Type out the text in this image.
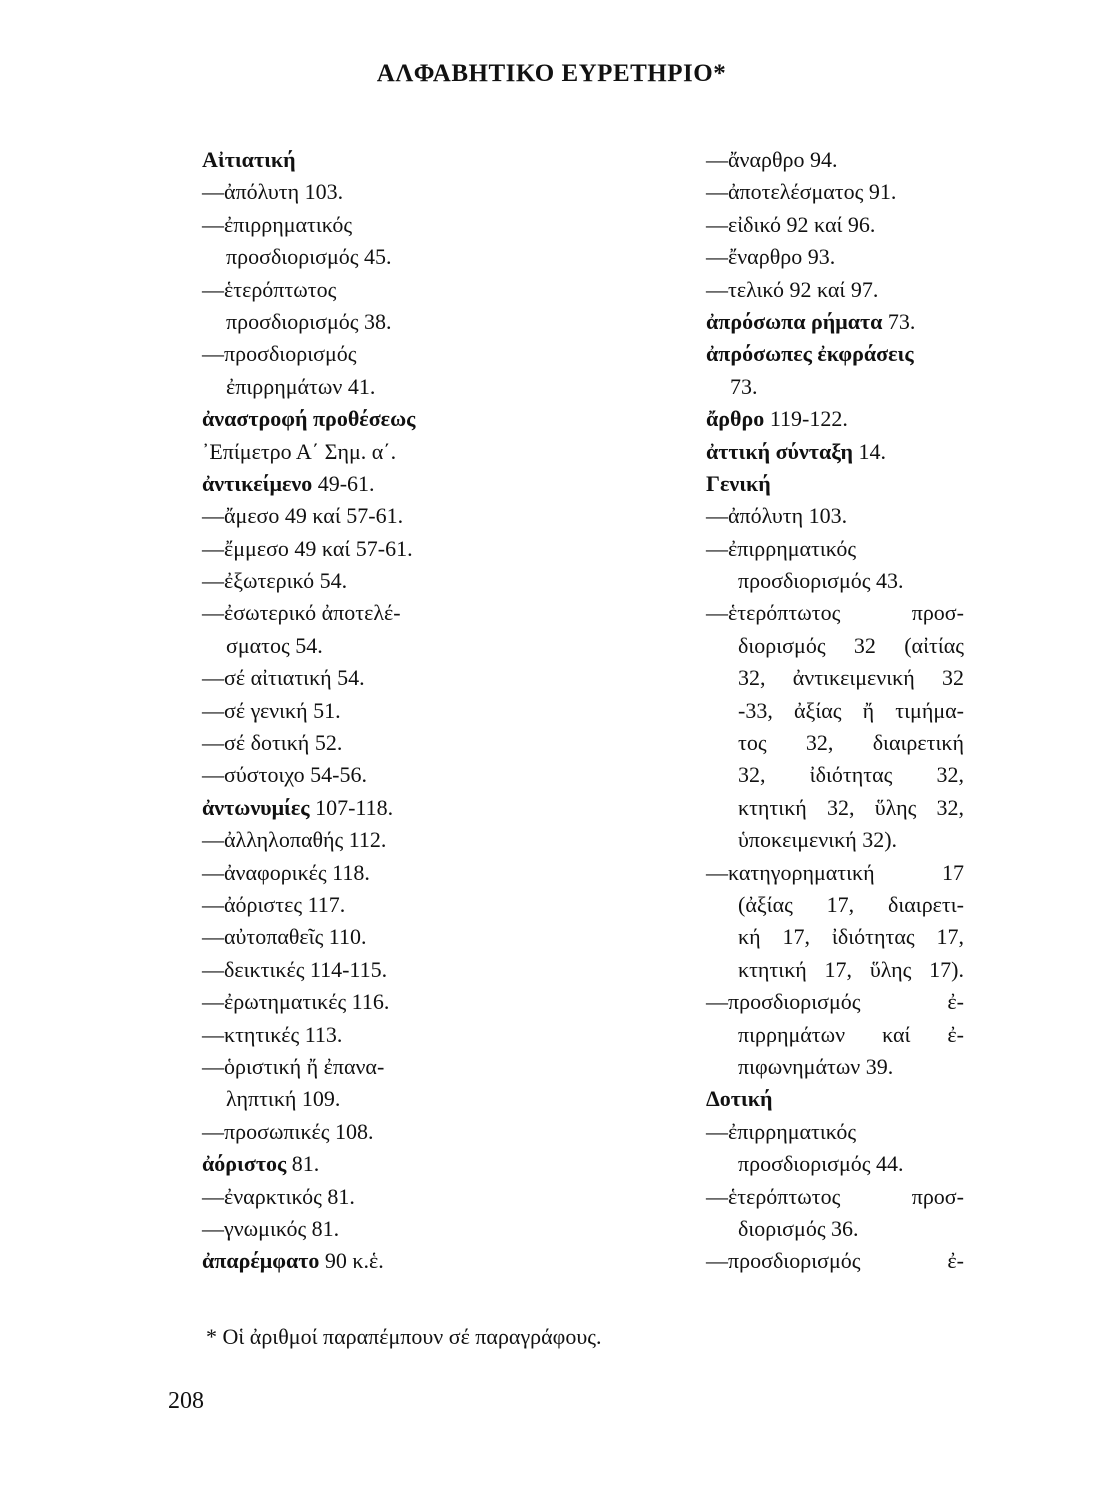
ΑΛΦΑΒΗΤΙΚΟ ΕΥΡΕΤΗΡΙΟ*
Αἰτιατική
—ἀπόλυτη 103.
—ἐπιρρηματικός
προσδιορισμός 45.
—ἑτερόπτωτος
προσδιορισμός 38.
—προσδιορισμός
ἐπιρρημάτων 41.
ἀναστροφή προθέσεως
᾿Επίμετρο Α΄ Σημ. α΄.
ἀντικείμενο 49-61.
—ἄμεσο 49 καί 57-61.
—ἔμμεσο 49 καί 57-61.
—ἐξωτερικό 54.
—ἐσωτερικό ἀποτελέ-
σματος 54.
—σέ αἰτιατική 54.
—σέ γενική 51.
—σέ δοτική 52.
—σύστοιχο 54-56.
ἀντωνυμίες 107-118.
—ἀλληλοπαθής 112.
—ἀναφορικές 118.
—ἀόριστες 117.
—αὐτοπαθεῖς 110.
—δεικτικές 114-115.
—ἐρωτηματικές 116.
—κτητικές 113.
—ὁριστική ἤ ἐπανα-
ληπτική 109.
—προσωπικές 108.
ἀόριστος 81.
—ἐναρκτικός 81.
—γνωμικός 81.
ἀπαρέμφατο 90 κ.ἑ.
—ἄναρθρο 94.
—ἀποτελέσματος 91.
—εἰδικό 92 καί 96.
—ἔναρθρο 93.
—τελικό 92 καί 97.
ἀπρόσωπα ρήματα 73.
ἀπρόσωπες ἐκφράσεις
73.
ἄρθρο 119-122.
ἀττική σύνταξη 14.
Γενική
—ἀπόλυτη 103.
—ἐπιρρηματικός
προσδιορισμός 43.
—ἑτερόπτωτος προσ-
διορισμός 32 (αἰτίας
32, ἀντικειμενική 32
-33, ἀξίας ἤ τιμήμα-
τος 32, διαιρετική
32, ἰδιότητας 32,
κτητική 32, ὕλης 32,
ὑποκειμενική 32).
—κατηγορηματική 17
(ἀξίας 17, διαιρετι-
κή 17, ἰδιότητας 17,
κτητική 17, ὕλης 17).
—προσδιορισμός ἐ-
πιρρημάτων καί ἐ-
πιφωνημάτων 39.
Δοτική
—ἐπιρρηματικός
προσδιορισμός 44.
—ἑτερόπτωτος προσ-
διορισμός 36.
—προσδιορισμός ἐ-
* Οἱ ἀριθμοί παραπέμπουν σέ παραγράφους.
208
